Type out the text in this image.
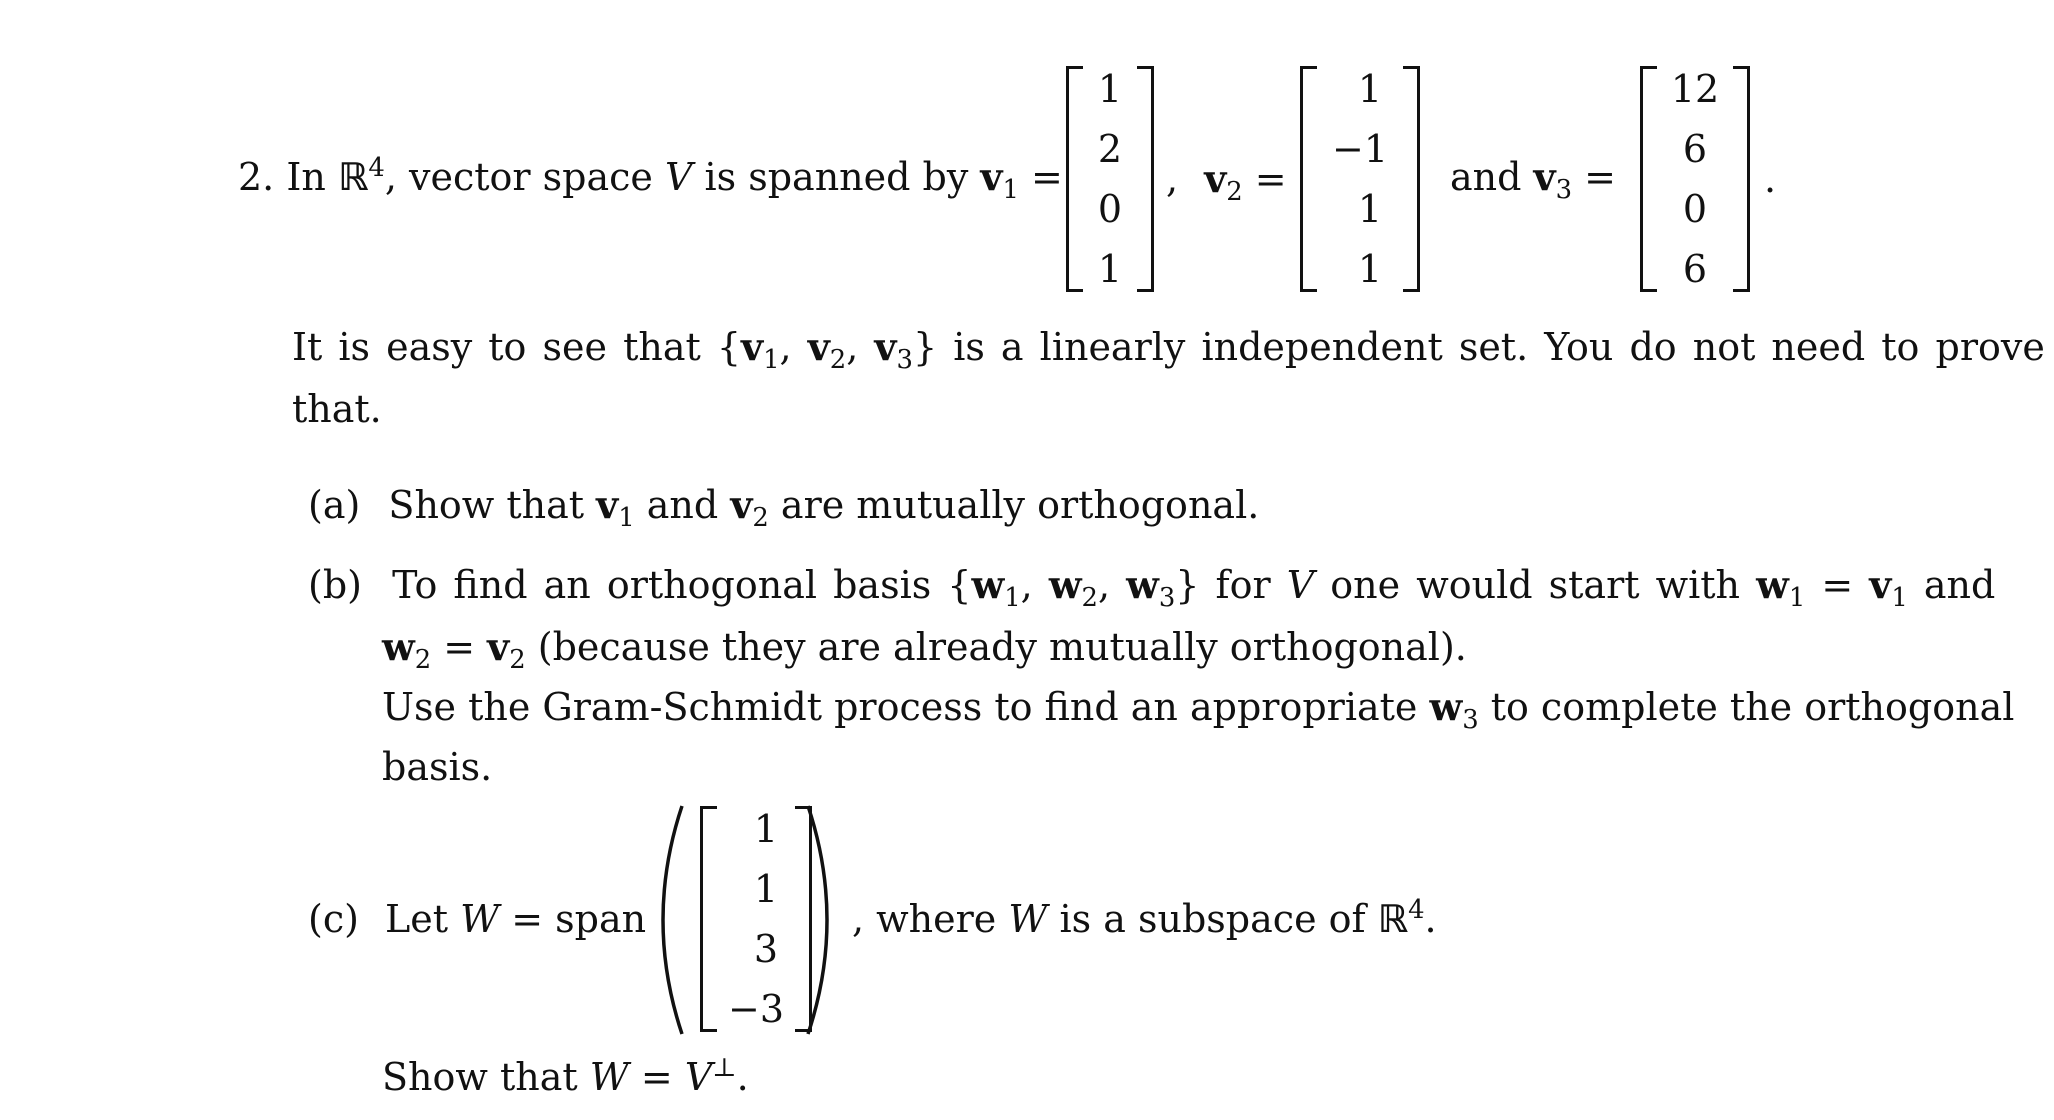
2. In ℝ$^4$, vector space V is spanned by $v_1$ =
1
2
0
1
, $v_2$ =
1
−1
1
1
and $v_3$ =
12
6
0
6
.
It is easy to see that {$v_1$, $v_2$, $v_3$} is a linearly independent set. You do not need to prove
that.
(a) Show that $v_1$ and $v_2$ are mutually orthogonal.
(b) To find an orthogonal basis {$w_1$, $w_2$, $w_3$} for V one would start with $w_1 = v_1$ and
$w_2 = v_2$ (because they are already mutually orthogonal).
Use the Gram-Schmidt process to find an appropriate $w_3$ to complete the orthogonal
basis.
(c) Let W = span
1
1
3
−3
, where W is a subspace of ℝ$^4$.
Show that W = V⊥.
